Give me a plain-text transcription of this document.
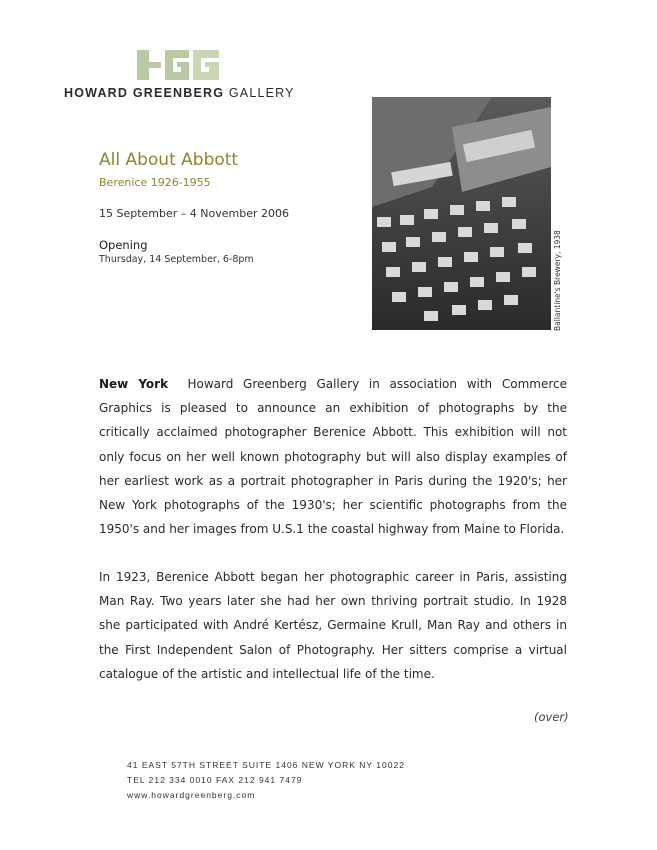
HOWARD GREENBERG GALLERY
All About Abbott
Berenice 1926-1955
15 September – 4 November 2006
Opening
Thursday, 14 September, 6-8pm	Ballantine's Brewery, 1938
New York Howard Greenberg Gallery in association with Commerce Graphics is pleased to announce an exhibition of photographs by the critically acclaimed photographer Berenice Abbott. This exhibition will not only focus on her well known photography but will also display examples of her earliest work as a portrait photographer in Paris during the 1920's; her New York photographs of the 1930's; her scientific photographs from the 1950's and her images from U.S.1 the coastal highway from Maine to Florida.
In 1923, Berenice Abbott began her photographic career in Paris, assisting Man Ray. Two years later she had her own thriving portrait studio. In 1928 she participated with André Kertész, Germaine Krull, Man Ray and others in the First Independent Salon of Photography. Her sitters comprise a virtual catalogue of the artistic and intellectual life of the time.
(over)
41 EAST 57TH STREET SUITE 1406 NEW YORK NY 10022
TEL 212 334 0010 FAX 212 941 7479
www.howardgreenberg.com
